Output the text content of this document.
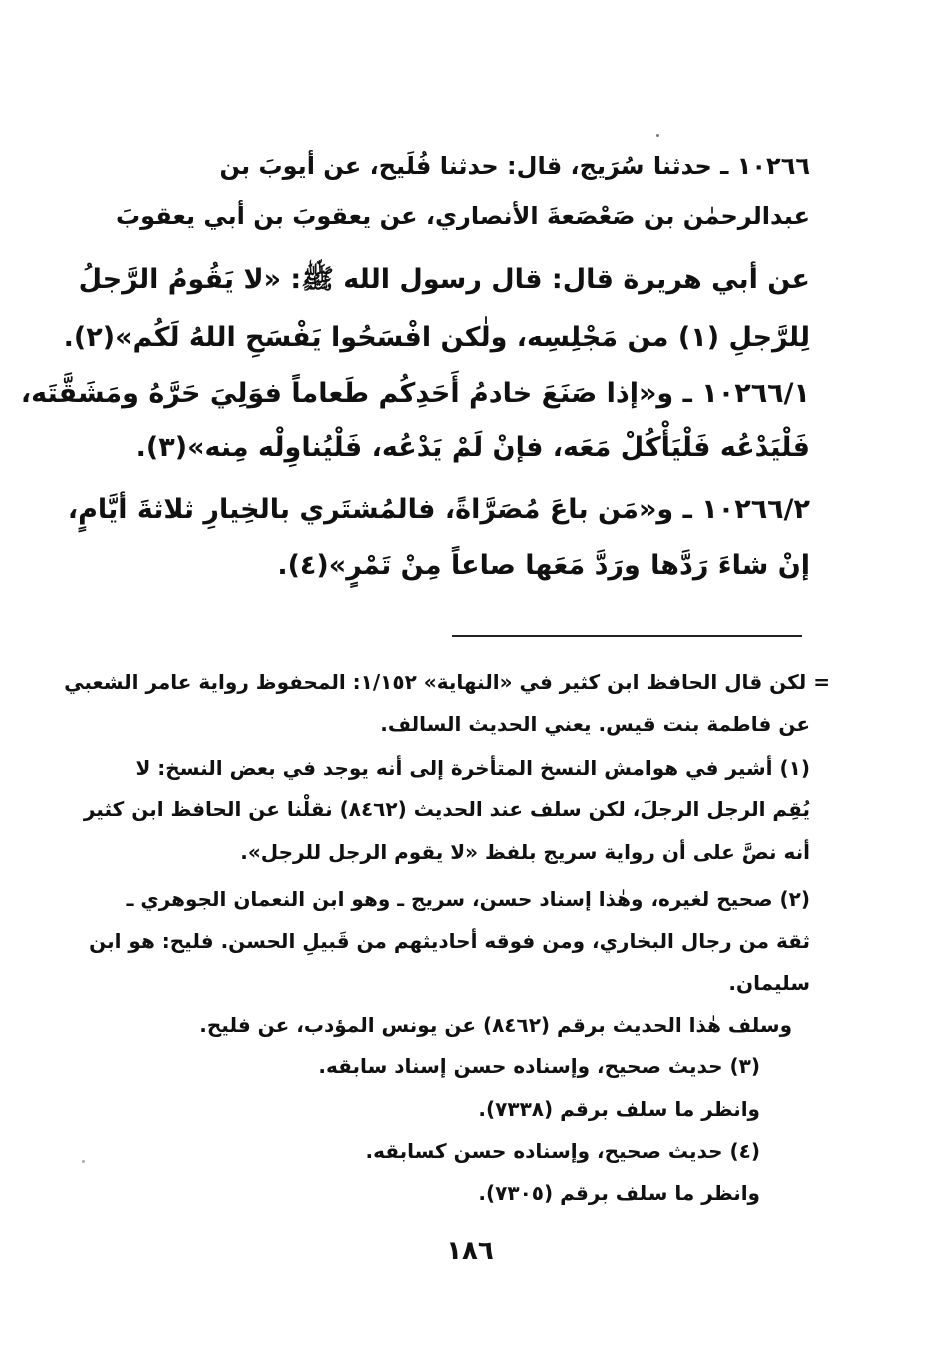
١٠٢٦٦ ـ حدثنا سُرَيج، قال: حدثنا فُلَيح، عن أيوبَ بن
عبدالرحمٰن بن صَعْصَعةَ الأنصاري، عن يعقوبَ بن أبي يعقوبَ
عن أبي هريرة قال: قال رسول الله ﷺ: «لا يَقُومُ الرَّجلُ
لِلرَّجلِ (١) من مَجْلِسِه، ولٰكن افْسَحُوا يَفْسَحِ اللهُ لَكُم»(٢).
١٠٢٦٦/١ ـ و«إذا صَنَعَ خادمُ أَحَدِكُم طَعاماً فوَلِيَ حَرَّهُ ومَشَقَّتَه،
فَلْيَدْعُه فَلْيَأْكُلْ مَعَه، فإنْ لَمْ يَدْعُه، فَلْيُناوِلْه مِنه»(٣).
١٠٢٦٦/٢ ـ و«مَن باعَ مُصَرَّاةً، فالمُشتَري بالخِيارِ ثلاثةَ أيَّامٍ،
إنْ شاءَ رَدَّها ورَدَّ مَعَها صاعاً مِنْ تَمْرٍ»(٤).
= لكن قال الحافظ ابن كثير في «النهاية» ١/١٥٢: المحفوظ رواية عامر الشعبي
عن فاطمة بنت قيس. يعني الحديث السالف.
(١) أشير في هوامش النسخ المتأخرة إلى أنه يوجد في بعض النسخ: لا
يُقِم الرجل الرجلَ، لكن سلف عند الحديث (٨٤٦٢) نقلْنا عن الحافظ ابن كثير
أنه نصَّ على أن رواية سريج بلفظ «لا يقوم الرجل للرجل».
(٢) صحيح لغيره، وهٰذا إسناد حسن، سريج ـ وهو ابن النعمان الجوهري ـ
ثقة من رجال البخاري، ومن فوقه أحاديثهم من قَبيلِ الحسن. فليح: هو ابن
سليمان.
وسلف هٰذا الحديث برقم (٨٤٦٢) عن يونس المؤدب، عن فليح.
(٣) حديث صحيح، وإسناده حسن إسناد سابقه.
وانظر ما سلف برقم (٧٣٣٨).
(٤) حديث صحيح، وإسناده حسن كسابقه.
وانظر ما سلف برقم (٧٣٠٥).
١٨٦
